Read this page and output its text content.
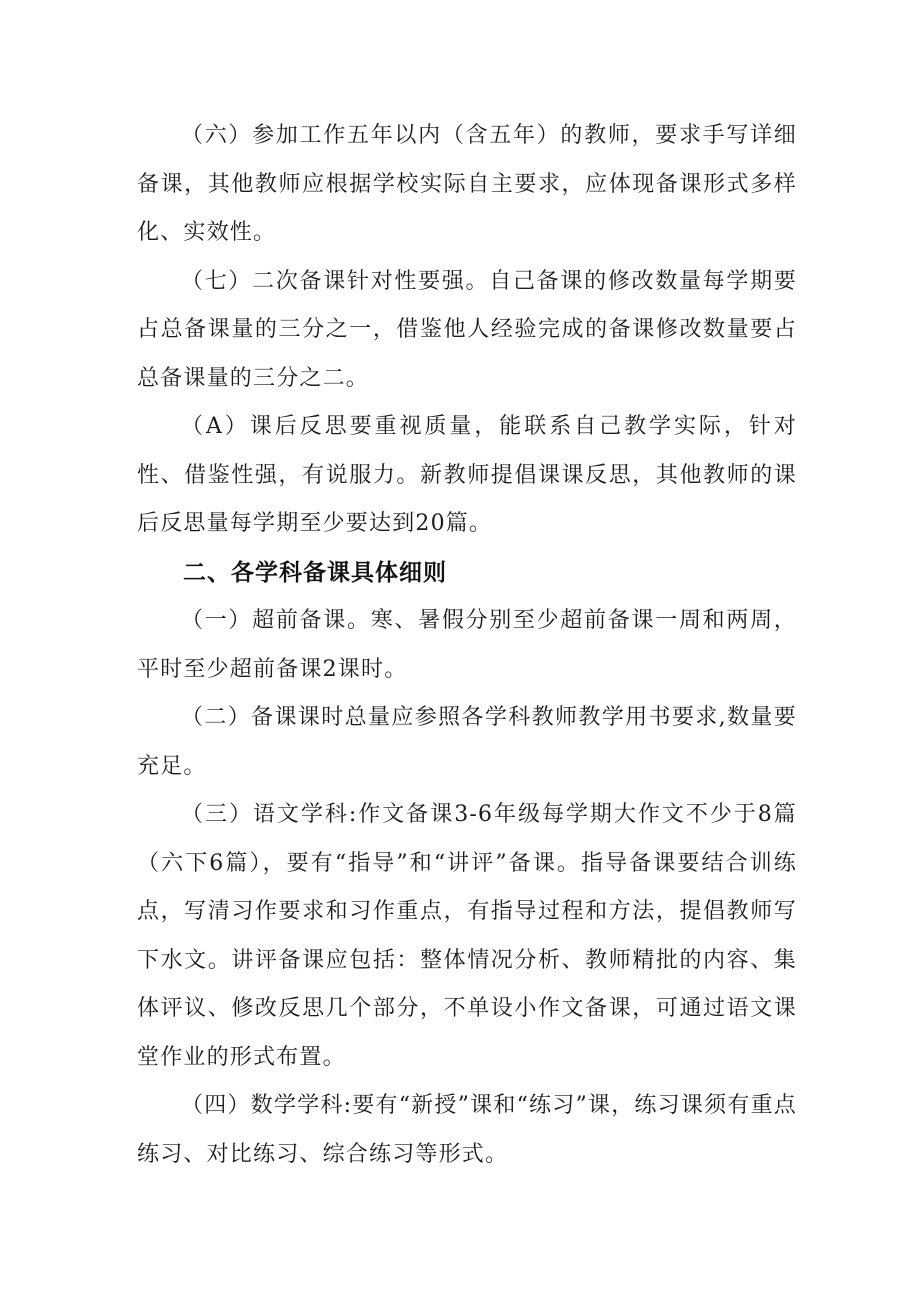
（六）参加工作五年以内（含五年）的教师，要求手写详细备课，其他教师应根据学校实际自主要求，应体现备课形式多样化、实效性。

（七）二次备课针对性要强。自己备课的修改数量每学期要占总备课量的三分之一，借鉴他人经验完成的备课修改数量要占总备课量的三分之二。

（A）课后反思要重视质量，能联系自己教学实际，针对性、借鉴性强，有说服力。新教师提倡课课反思，其他教师的课后反思量每学期至少要达到20篇。

二、各学科备课具体细则

（一）超前备课。寒、暑假分别至少超前备课一周和两周，平时至少超前备课2课时。

（二）备课课时总量应参照各学科教师教学用书要求,数量要充足。

（三）语文学科:作文备课3-6年级每学期大作文不少于8篇（六下6篇），要有“指导”和“讲评”备课。指导备课要结合训练点，写清习作要求和习作重点，有指导过程和方法，提倡教师写下水文。讲评备课应包括：整体情况分析、教师精批的内容、集体评议、修改反思几个部分，不单设小作文备课，可通过语文课堂作业的形式布置。

（四）数学学科:要有“新授”课和“练习”课，练习课须有重点练习、对比练习、综合练习等形式。
